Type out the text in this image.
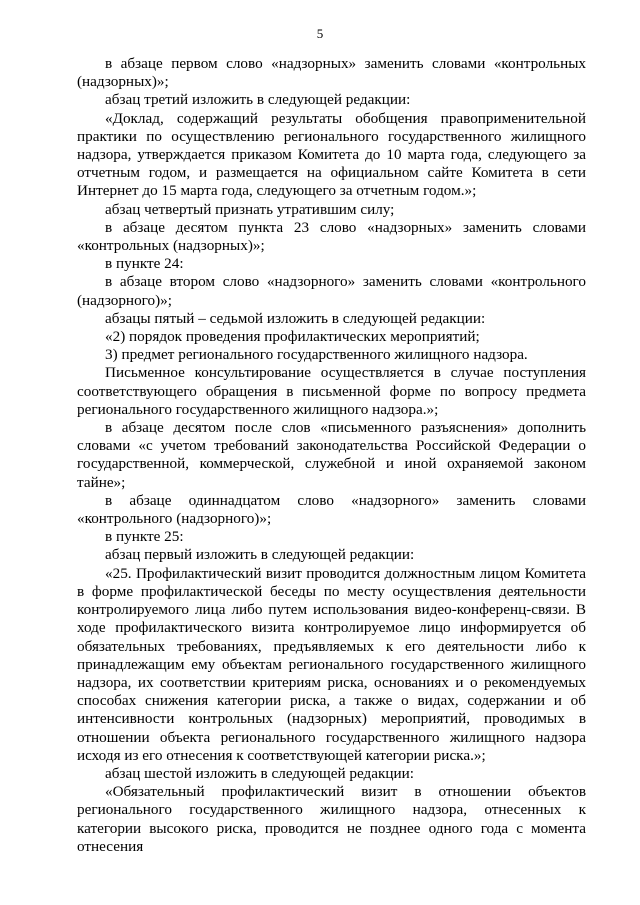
5

в абзаце первом слово «надзорных» заменить словами «контрольных (надзорных)»;

абзац третий изложить в следующей редакции:

«Доклад, содержащий результаты обобщения правоприменительной практики по осуществлению регионального государственного жилищного надзора, утверждается приказом Комитета до 10 марта года, следующего за отчетным годом, и размещается на официальном сайте Комитета в сети Интернет до 15 марта года, следующего за отчетным годом.»;

абзац четвертый признать утратившим силу;

в абзаце десятом пункта 23 слово «надзорных» заменить словами «контрольных (надзорных)»;

в пункте 24:

в абзаце втором слово «надзорного» заменить словами «контрольного (надзорного)»;

абзацы пятый – седьмой изложить в следующей редакции:

«2) порядок проведения профилактических мероприятий;

3) предмет регионального государственного жилищного надзора.

Письменное консультирование осуществляется в случае поступления соответствующего обращения в письменной форме по вопросу предмета регионального государственного жилищного надзора.»;

в абзаце десятом после слов «письменного разъяснения» дополнить словами «с учетом требований законодательства Российской Федерации о государственной, коммерческой, служебной и иной охраняемой законом тайне»;

в абзаце одиннадцатом слово «надзорного» заменить словами «контрольного (надзорного)»;

в пункте 25:

абзац первый изложить в следующей редакции:

«25. Профилактический визит проводится должностным лицом Комитета в форме профилактической беседы по месту осуществления деятельности контролируемого лица либо путем использования видео-конференц-связи. В ходе профилактического визита контролируемое лицо информируется об обязательных требованиях, предъявляемых к его деятельности либо к принадлежащим ему объектам регионального государственного жилищного надзора, их соответствии критериям риска, основаниях и о рекомендуемых способах снижения категории риска, а также о видах, содержании и об интенсивности контрольных (надзорных) мероприятий, проводимых в отношении объекта регионального государственного жилищного надзора исходя из его отнесения к соответствующей категории риска.»;

абзац шестой изложить в следующей редакции:

«Обязательный профилактический визит в отношении объектов регионального государственного жилищного надзора, отнесенных к категории высокого риска, проводится не позднее одного года с момента отнесения
